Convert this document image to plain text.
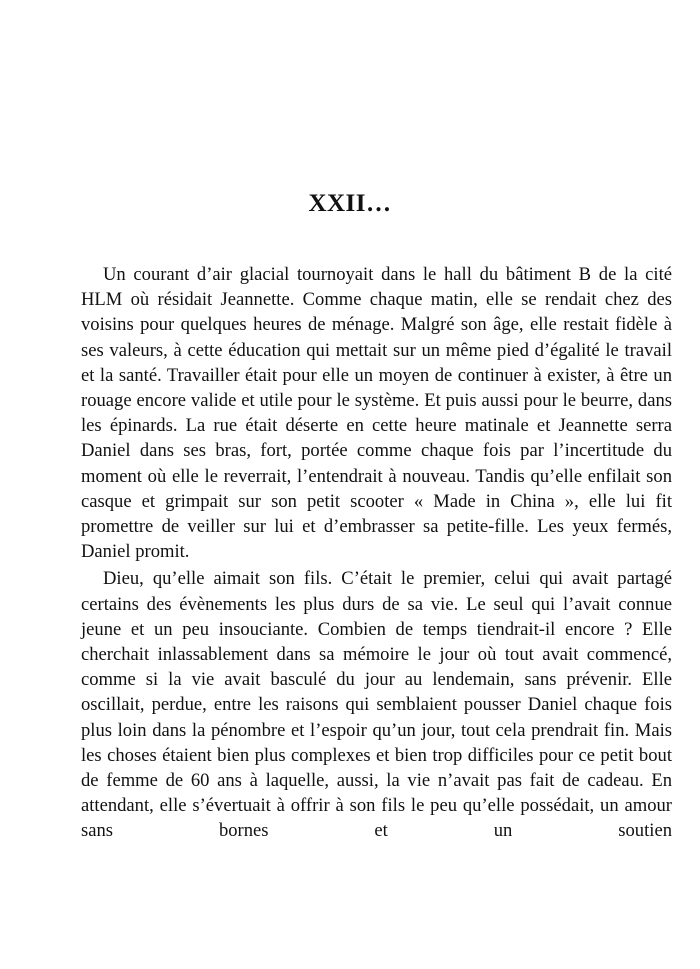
XXII…

Un courant d’air glacial tournoyait dans le hall du bâtiment B de la cité HLM où résidait Jeannette. Comme chaque matin, elle se rendait chez des voisins pour quelques heures de ménage. Malgré son âge, elle restait fidèle à ses valeurs, à cette éducation qui mettait sur un même pied d’égalité le travail et la santé. Travailler était pour elle un moyen de continuer à exister, à être un rouage encore valide et utile pour le système. Et puis aussi pour le beurre, dans les épinards. La rue était déserte en cette heure matinale et Jeannette serra Daniel dans ses bras, fort, portée comme chaque fois par l’incertitude du moment où elle le reverrait, l’entendrait à nouveau. Tandis qu’elle enfilait son casque et grimpait sur son petit scooter « Made in China », elle lui fit promettre de veiller sur lui et d’embrasser sa petite-fille. Les yeux fermés, Daniel promit.

Dieu, qu’elle aimait son fils. C’était le premier, celui qui avait partagé certains des évènements les plus durs de sa vie. Le seul qui l’avait connue jeune et un peu insouciante. Combien de temps tiendrait-il encore ? Elle cherchait inlassablement dans sa mémoire le jour où tout avait commencé, comme si la vie avait basculé du jour au lendemain, sans prévenir. Elle oscillait, perdue, entre les raisons qui semblaient pousser Daniel chaque fois plus loin dans la pénombre et l’espoir qu’un jour, tout cela prendrait fin. Mais les choses étaient bien plus complexes et bien trop difficiles pour ce petit bout de femme de 60 ans à laquelle, aussi, la vie n’avait pas fait de cadeau. En attendant, elle s’évertuait à offrir à son fils le peu qu’elle possédait, un amour sans bornes et un soutien
